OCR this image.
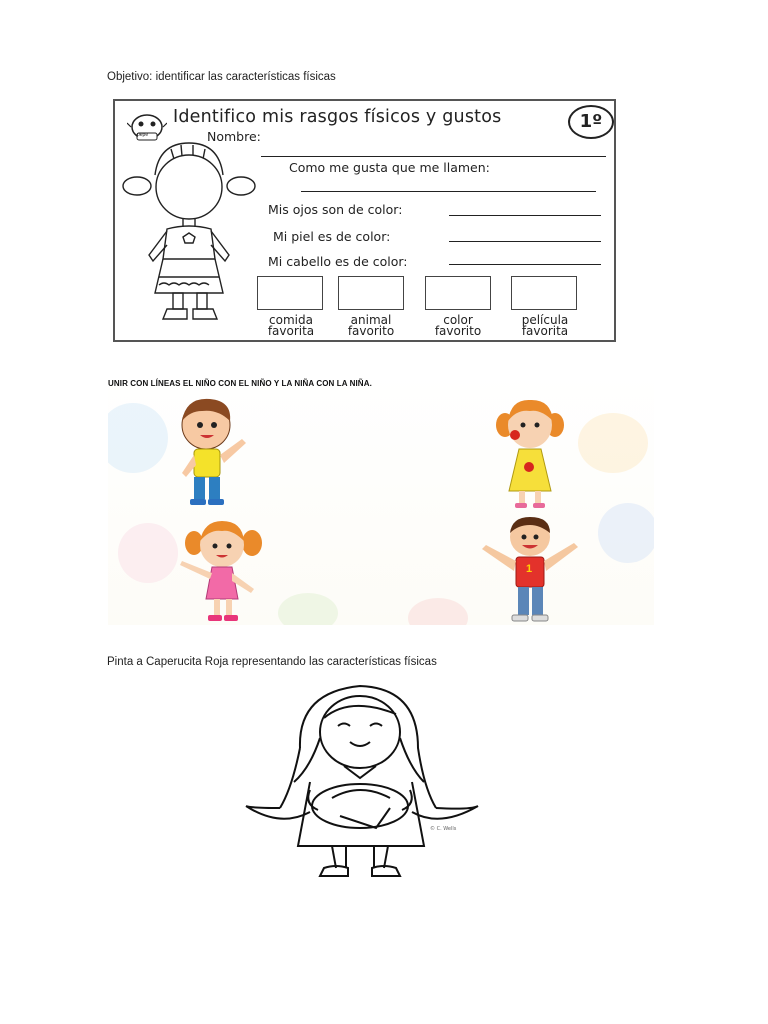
Objetivo: identificar las características físicas
pepe
Identifico mis rasgos físicos y gustos	1º
Nombre:
Como me gusta que me llamen:
Mis ojos son de color:
Mi piel es de color:
Mi cabello es de color:
comida
favorita
animal
favorito
color
favorito
película
favorita
UNIR CON LÍNEAS EL NIÑO CON EL NIÑO Y LA NIÑA CON LA NIÑA.
1
Pinta a Caperucita Roja representando las características físicas
© C. Wells
